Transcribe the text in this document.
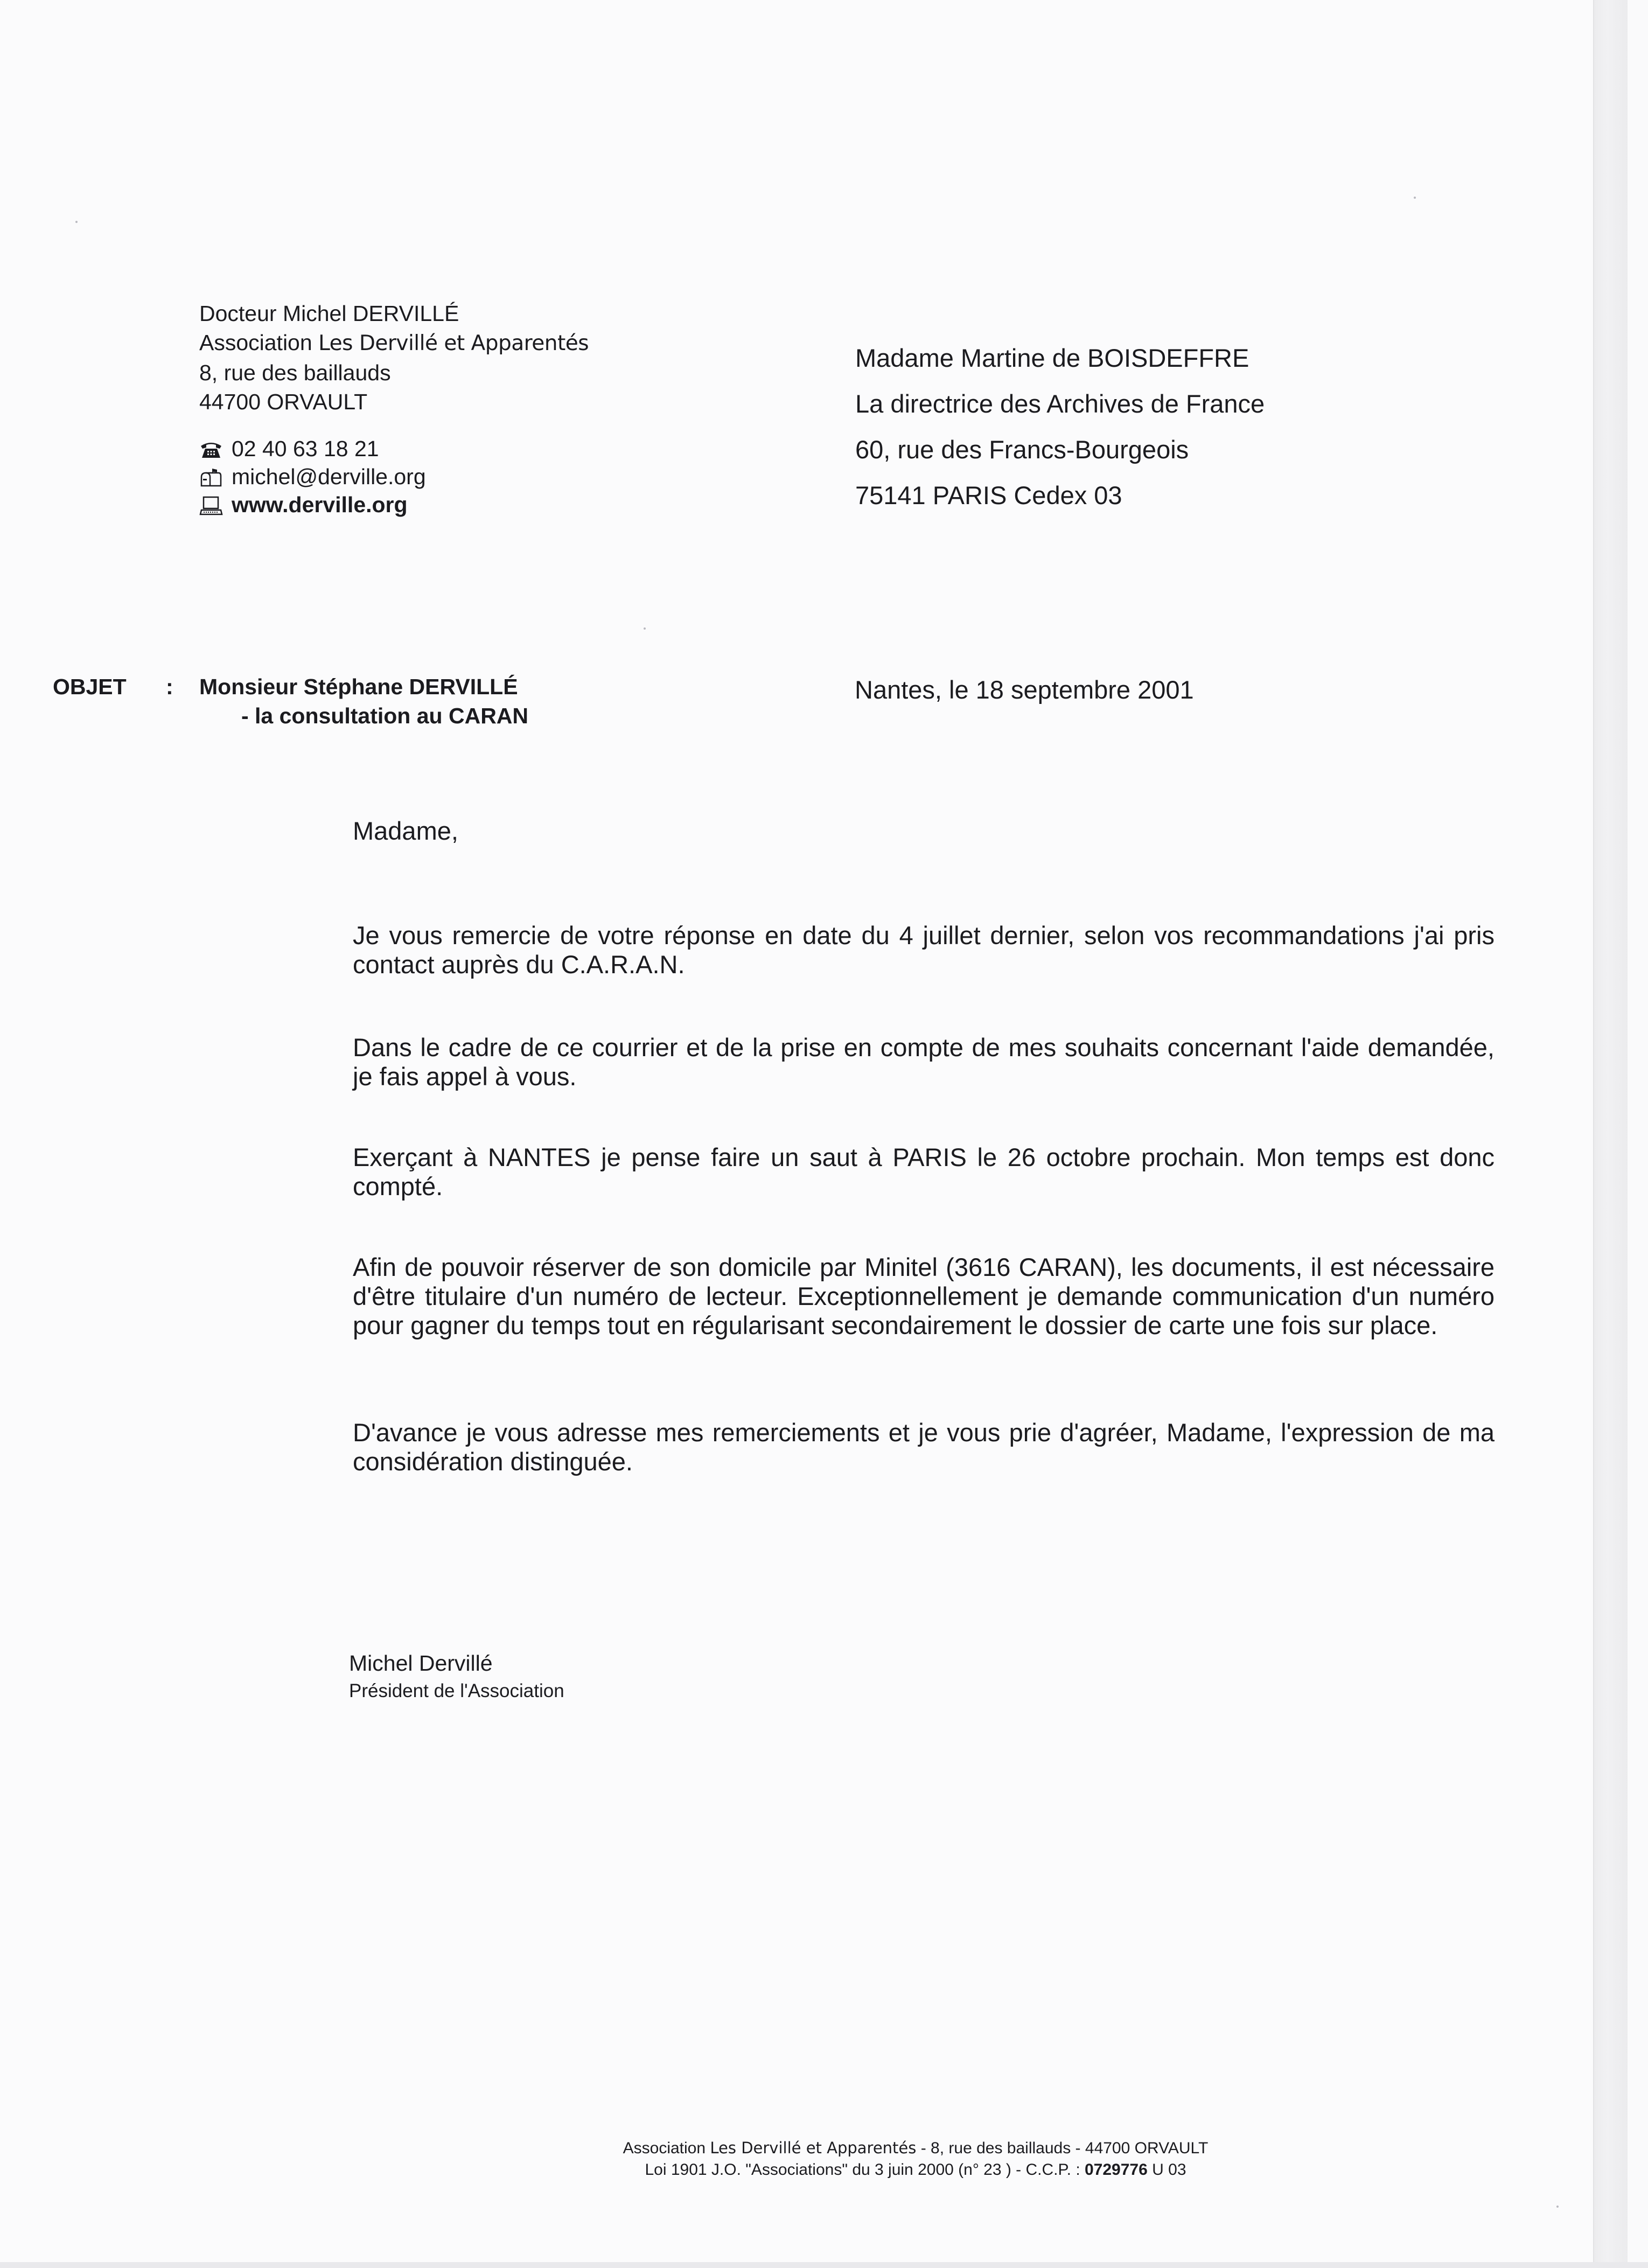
Docteur Michel DERVILLÉ
Association Les Dervillé et Apparentés
8, rue des baillauds
44700 ORVAULT
02 40 63 18 21
michel@derville.org
www.derville.org
Madame Martine de BOISDEFFRE
La directrice des Archives de France
60, rue des Francs-Bourgeois
75141 PARIS Cedex 03
OBJET : Monsieur Stéphane DERVILLÉ
- la consultation au CARAN
Nantes, le 18 septembre 2001
Madame,
Je vous remercie de votre réponse en date du 4 juillet dernier, selon vos recommandations j'ai pris contact auprès du C.A.R.A.N.
Dans le cadre de ce courrier et de la prise en compte de mes souhaits concernant l'aide demandée, je fais appel à vous.
Exerçant à NANTES je pense faire un saut à PARIS le 26 octobre prochain. Mon temps est donc compté.
Afin de pouvoir réserver de son domicile par Minitel (3616 CARAN), les documents, il est nécessaire d'être titulaire d'un numéro de lecteur. Exceptionnellement je demande communication d'un numéro pour gagner du temps tout en régularisant secondairement le dossier de carte une fois sur place.
D'avance je vous adresse mes remerciements et je vous prie d'agréer, Madame, l'expression de ma considération distinguée.
Michel Dervillé
Président de l'Association
Association Les Dervillé et Apparentés - 8, rue des baillauds - 44700 ORVAULT
Loi 1901 J.O. "Associations" du 3 juin 2000 (n° 23 ) - C.C.P. : 0729776 U 03
